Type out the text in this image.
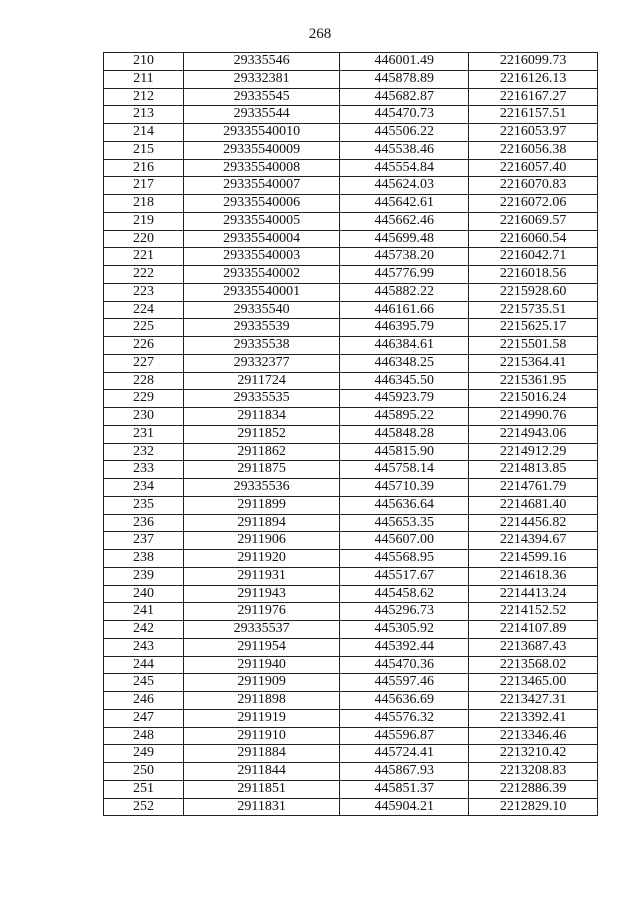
268
210	29335546	446001.49	2216099.73
211	29332381	445878.89	2216126.13
212	29335545	445682.87	2216167.27
213	29335544	445470.73	2216157.51
214	29335540010	445506.22	2216053.97
215	29335540009	445538.46	2216056.38
216	29335540008	445554.84	2216057.40
217	29335540007	445624.03	2216070.83
218	29335540006	445642.61	2216072.06
219	29335540005	445662.46	2216069.57
220	29335540004	445699.48	2216060.54
221	29335540003	445738.20	2216042.71
222	29335540002	445776.99	2216018.56
223	29335540001	445882.22	2215928.60
224	29335540	446161.66	2215735.51
225	29335539	446395.79	2215625.17
226	29335538	446384.61	2215501.58
227	29332377	446348.25	2215364.41
228	2911724	446345.50	2215361.95
229	29335535	445923.79	2215016.24
230	2911834	445895.22	2214990.76
231	2911852	445848.28	2214943.06
232	2911862	445815.90	2214912.29
233	2911875	445758.14	2214813.85
234	29335536	445710.39	2214761.79
235	2911899	445636.64	2214681.40
236	2911894	445653.35	2214456.82
237	2911906	445607.00	2214394.67
238	2911920	445568.95	2214599.16
239	2911931	445517.67	2214618.36
240	2911943	445458.62	2214413.24
241	2911976	445296.73	2214152.52
242	29335537	445305.92	2214107.89
243	2911954	445392.44	2213687.43
244	2911940	445470.36	2213568.02
245	2911909	445597.46	2213465.00
246	2911898	445636.69	2213427.31
247	2911919	445576.32	2213392.41
248	2911910	445596.87	2213346.46
249	2911884	445724.41	2213210.42
250	2911844	445867.93	2213208.83
251	2911851	445851.37	2212886.39
252	2911831	445904.21	2212829.10
